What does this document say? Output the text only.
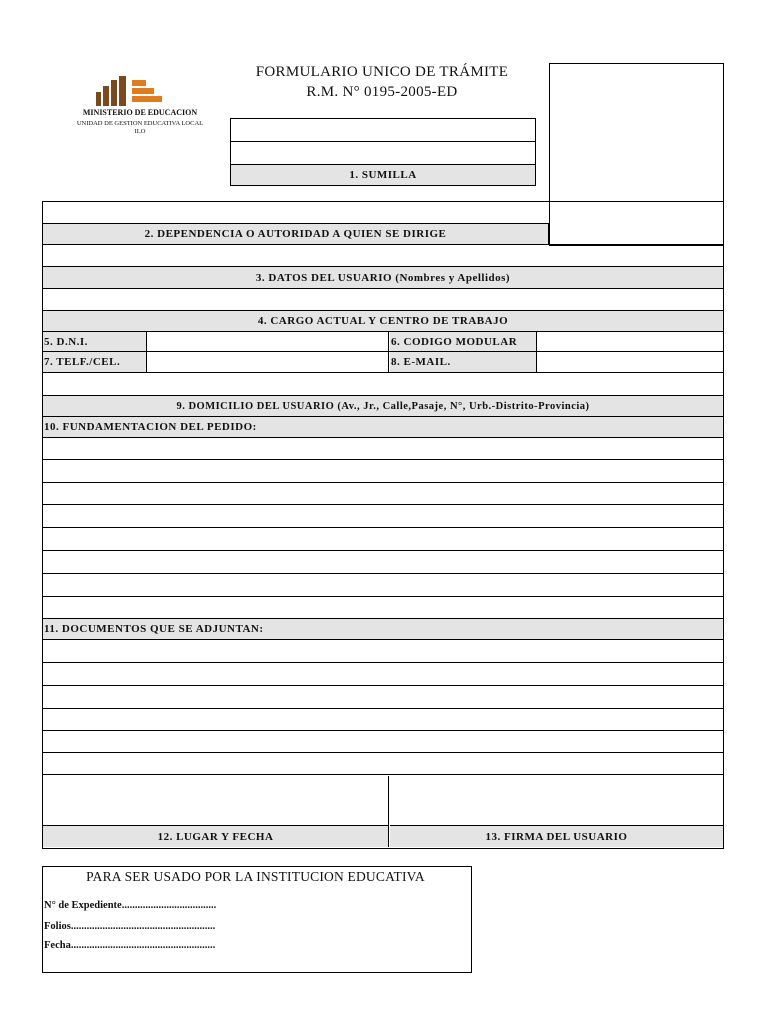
MINISTERIO DE EDUCACION
UNIDAD DE GESTION EDUCATIVA LOCAL
ILO
FORMULARIO UNICO DE TRÁMITE
R.M. N° 0195-2005-ED
1. SUMILLA
2. DEPENDENCIA O AUTORIDAD A QUIEN SE DIRIGE
3. DATOS DEL USUARIO (Nombres y Apellidos)
4. CARGO ACTUAL Y CENTRO DE TRABAJO
5. D.N.I.	6. CODIGO MODULAR
7. TELF./CEL.	8. E-MAIL.
9. DOMICILIO DEL USUARIO (Av., Jr., Calle,Pasaje, N°, Urb.-Distrito-Provincia)
10. FUNDAMENTACION DEL PEDIDO:
11. DOCUMENTOS QUE SE ADJUNTAN:
12. LUGAR Y FECHA	13. FIRMA DEL USUARIO
PARA SER USADO POR LA INSTITUCION EDUCATIVA
N° de Expediente....................................
Folios.......................................................
Fecha.......................................................
